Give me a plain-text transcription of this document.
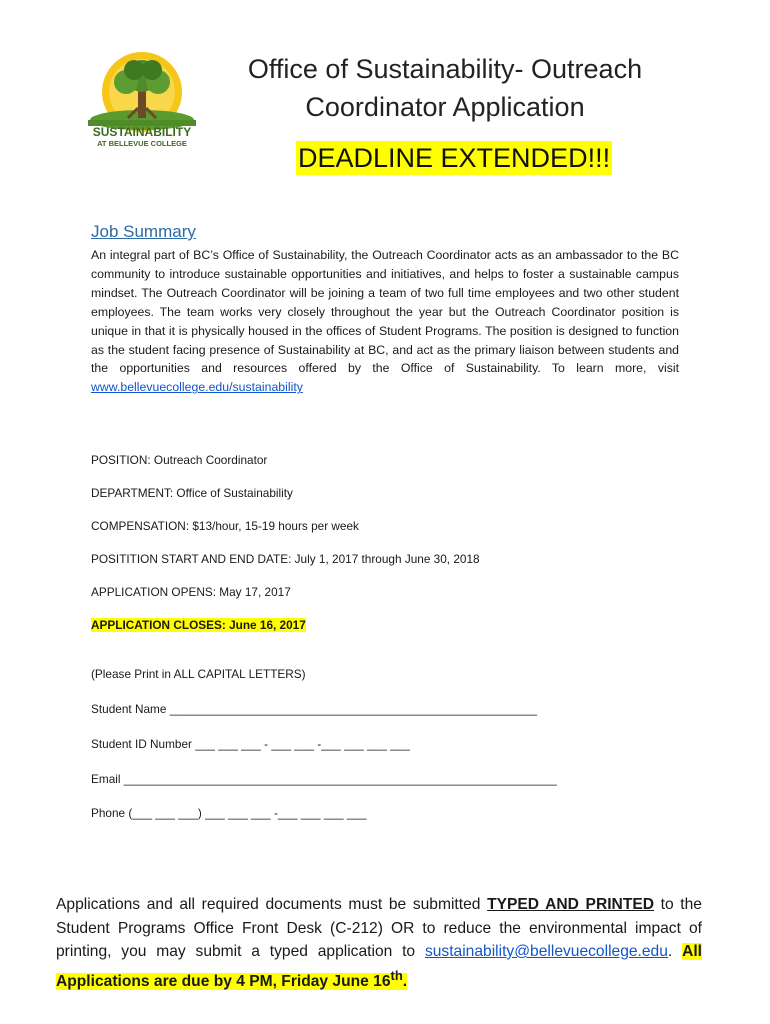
SUSTAINABILITY
AT BELLEVUE COLLEGE
Office of Sustainability- Outreach
Coordinator Application
DEADLINE EXTENDED!!!
Job Summary
An integral part of BC’s Office of Sustainability, the Outreach Coordinator acts as an ambassador to the BC community to introduce sustainable opportunities and initiatives, and helps to foster a sustainable campus mindset. The Outreach Coordinator will be joining a team of two full time employees and two other student employees. The team works very closely throughout the year but the Outreach Coordinator position is unique in that it is physically housed in the offices of Student Programs. The position is designed to function as the student facing presence of Sustainability at BC, and act as the primary liaison between students and the opportunities and resources offered by the Office of Sustainability. To learn more, visit www.bellevuecollege.edu/sustainability
POSITION: Outreach Coordinator
DEPARTMENT: Office of Sustainability
COMPENSATION: $13/hour, 15-19 hours per week
POSITITION START AND END DATE: July 1, 2017 through June 30, 2018
APPLICATION OPENS: May 17, 2017
APPLICATION CLOSES: June 16, 2017
(Please Print in ALL CAPITAL LETTERS)
Student Name ________________________________________________________
Student ID Number ___ ___ ___ - ___ ___ -___ ___ ___ ___
Email __________________________________________________________________
Phone (___ ___ ___) ___ ___ ___ -___ ___ ___ ___
Applications and all required documents must be submitted TYPED AND PRINTED to the Student Programs Office Front Desk (C-212) OR to reduce the environmental impact of printing, you may submit a typed application to sustainability@bellevuecollege.edu. All Applications are due by 4 PM, Friday June 16th.
